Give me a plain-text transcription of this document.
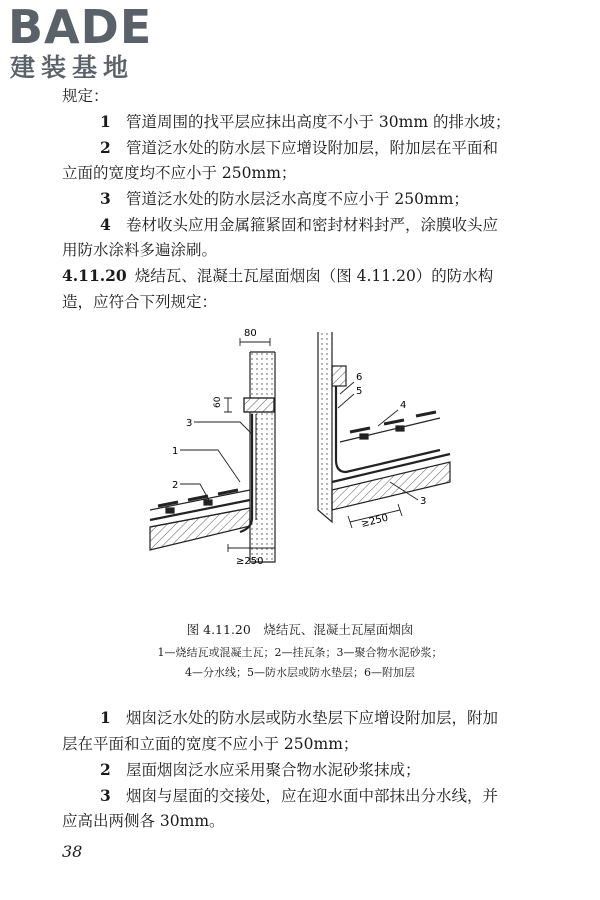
BADE
建装基地
规定：
1 管道周围的找平层应抹出高度不小于 30mm 的排水坡；
2 管道泛水处的防水层下应增设附加层，附加层在平面和
立面的宽度均不应小于 250mm；
3 管道泛水处的防水层泛水高度不应小于 250mm；
4 卷材收头应用金属箍紧固和密封材料封严，涂膜收头应
用防水涂料多遍涂刷。
4.11.20 烧结瓦、混凝土瓦屋面烟囱（图 4.11.20）的防水构
造，应符合下列规定：
80
60
≥250
3
1
2
≥250
6
5
4
3
图 4.11.20　烧结瓦、混凝土瓦屋面烟囱
1—烧结瓦或混凝土瓦；2—挂瓦条；3—聚合物水泥砂浆；
4—分水线；5—防水层或防水垫层；6—附加层
1 烟囱泛水处的防水层或防水垫层下应增设附加层，附加
层在平面和立面的宽度不应小于 250mm；
2 屋面烟囱泛水应采用聚合物水泥砂浆抹成；
3 烟囱与屋面的交接处，应在迎水面中部抹出分水线，并
应高出两侧各 30mm。
38
